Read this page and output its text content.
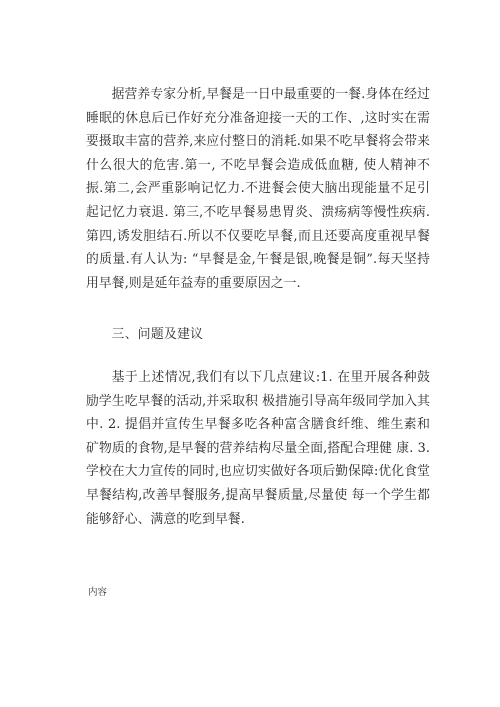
据营养专家分析,早餐是一日中最重要的一餐.身体在经过睡眠的休息后已作好充分准备迎接一天的工作、,这时实在需 要摄取丰富的营养,来应付整日的消耗.如果不吃早餐将会带来什么很大的危害.第一, 不吃早餐会造成低血糖, 使人精神不振.第二,会严重影响记忆力.不进餐会使大脑出现能量不足引起记忆力衰退. 第三,不吃早餐易患胃炎、溃疡病等慢性疾病. 第四,诱发胆结石.所以不仅要吃早餐,而且还要高度重视早餐的质量.有人认为: “早餐是金,午餐是银,晚餐是铜”.每天坚持用早餐,则是延年益寿的重要原因之一.

三、问题及建议

基于上述情况,我们有以下几点建议:1. 在里开展各种鼓励学生吃早餐的活动,并采取积 极措施引导高年级同学加入其中. 2. 提倡并宣传生早餐多吃各种富含膳食纤维、维生素和 矿物质的食物,是早餐的营养结构尽量全面,搭配合理健 康. 3. 学校在大力宣传的同时,也应切实做好各项后勤保障:优化食堂早餐结构,改善早餐服务,提高早餐质量,尽量使 每一个学生都能够舒心、满意的吃到早餐.

内容
